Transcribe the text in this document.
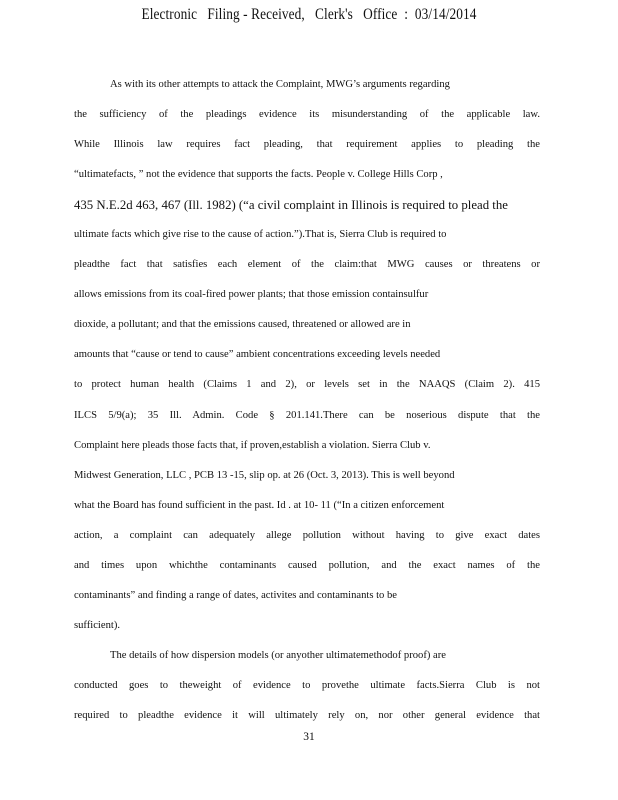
Electronic   Filing - Received,   Clerk's   Office  :  03/14/2014
As with its other attempts to attack the Complaint, MWG’s arguments regarding
the sufficiency of the pleadings evidence its misunderstanding of the applicable law.
While Illinois law requires fact pleading, that requirement applies to pleading the
“ultimatefacts, ” not the evidence that supports the facts. People v. College Hills Corp ,
435 N.E.2d 463, 467 (Ill. 1982) (“a civil complaint in Illinois is required to plead the
ultimate facts which give rise to the cause of action.”).That is, Sierra Club is required to
pleadthe fact that satisfies each element of the claim:that MWG causes or threatens or
allows emissions from its coal-fired power plants; that those emission containsulfur
dioxide, a pollutant; and that the emissions caused, threatened or allowed are in
amounts that “cause or tend to cause” ambient concentrations exceeding levels needed
to protect human health (Claims 1 and 2), or levels set in the NAAQS (Claim 2). 415
ILCS 5/9(a); 35 Ill. Admin. Code § 201.141.There can be noserious dispute that the
Complaint here pleads those facts that, if proven,establish a violation. Sierra Club v.
Midwest Generation, LLC , PCB 13 -15, slip op. at 26 (Oct. 3, 2013). This is well beyond
what the Board has found sufficient in the past. Id . at 10- 11 (“In a citizen enforcement
action, a complaint can adequately allege pollution without having to give exact dates
and times upon whichthe contaminants caused pollution, and the exact names of the
contaminants” and finding a range of dates, activites and contaminants to be
sufficient).
The details of how dispersion models (or anyother ultimatemethodof proof) are
conducted goes to theweight of evidence to provethe ultimate facts.Sierra Club is not
required to pleadthe evidence it will ultimately rely on, nor other general evidence that
31
